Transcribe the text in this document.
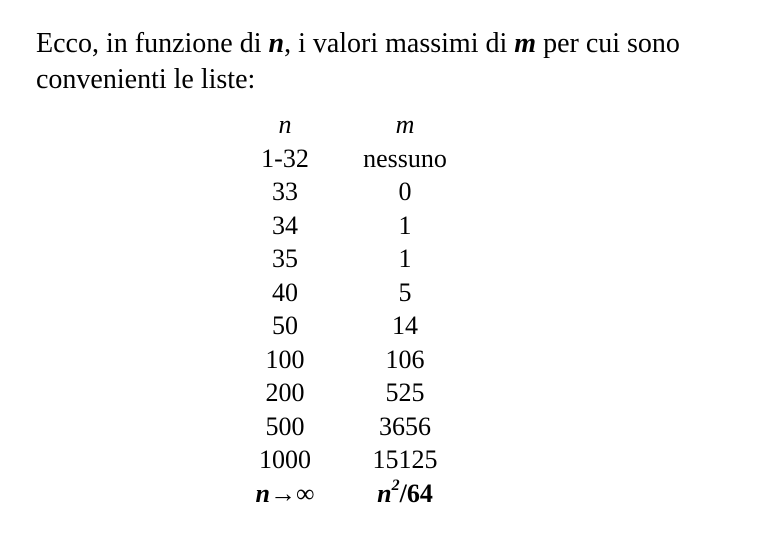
Ecco, in funzione di n, i valori massimi di m per cui sono convenienti le liste:
n
1-32
33
34
35
40
50
100
200
500
1000
n→∞
m
nessuno
0
1
1
5
14
106
525
3656
15125
$n^2/64$
